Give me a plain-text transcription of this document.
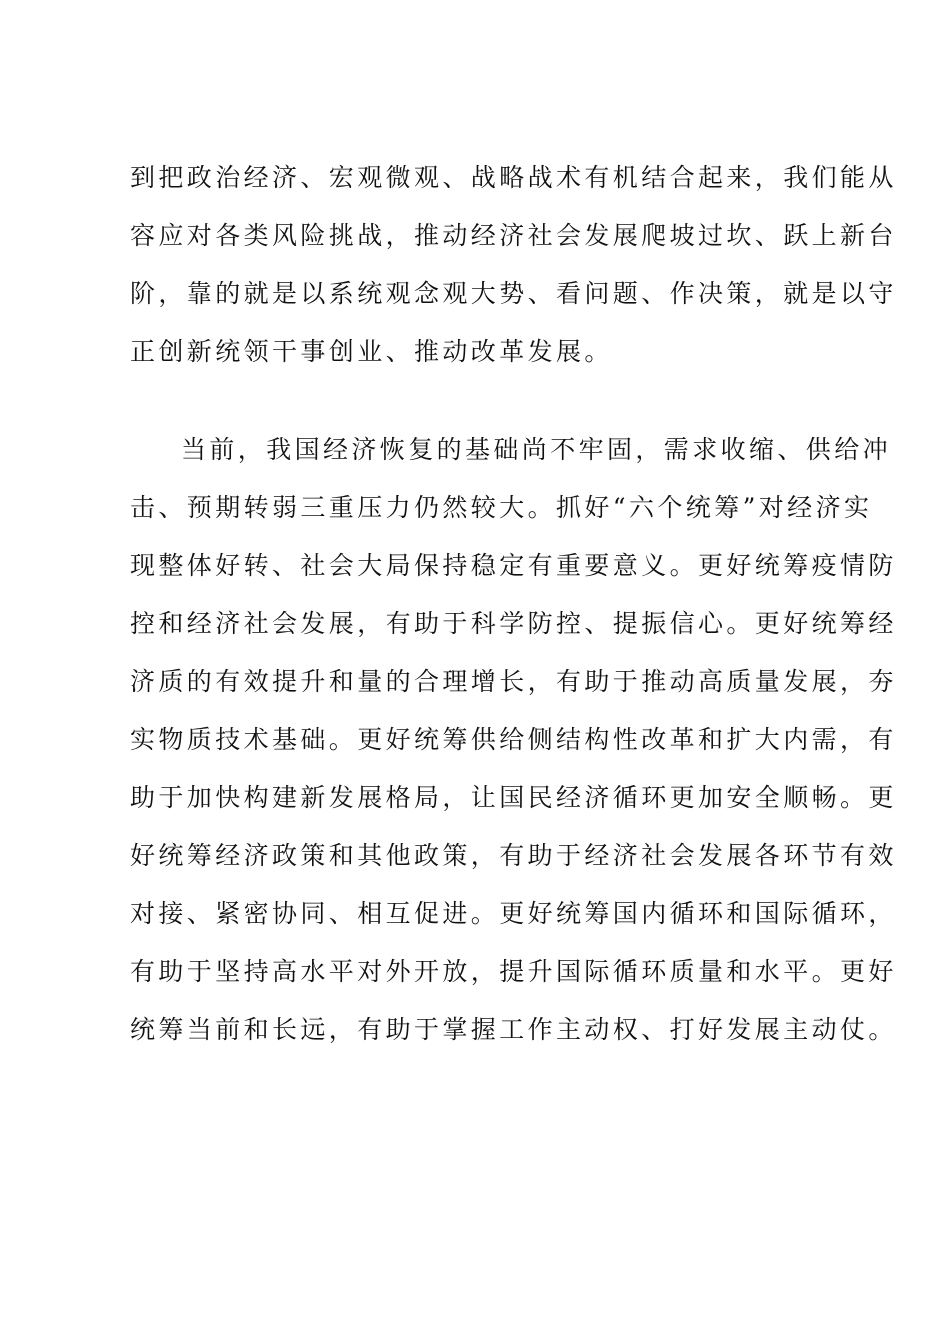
到把政治经济、宏观微观、战略战术有机结合起来，我们能从
容应对各类风险挑战，推动经济社会发展爬坡过坎、跃上新台
阶，靠的就是以系统观念观大势、看问题、作决策，就是以守
正创新统领干事创业、推动改革发展。
当前，我国经济恢复的基础尚不牢固，需求收缩、供给冲
击、预期转弱三重压力仍然较大。抓好“六个统筹”对经济实
现整体好转、社会大局保持稳定有重要意义。更好统筹疫情防
控和经济社会发展，有助于科学防控、提振信心。更好统筹经
济质的有效提升和量的合理增长，有助于推动高质量发展，夯
实物质技术基础。更好统筹供给侧结构性改革和扩大内需，有
助于加快构建新发展格局，让国民经济循环更加安全顺畅。更
好统筹经济政策和其他政策，有助于经济社会发展各环节有效
对接、紧密协同、相互促进。更好统筹国内循环和国际循环，
有助于坚持高水平对外开放，提升国际循环质量和水平。更好
统筹当前和长远，有助于掌握工作主动权、打好发展主动仗。
